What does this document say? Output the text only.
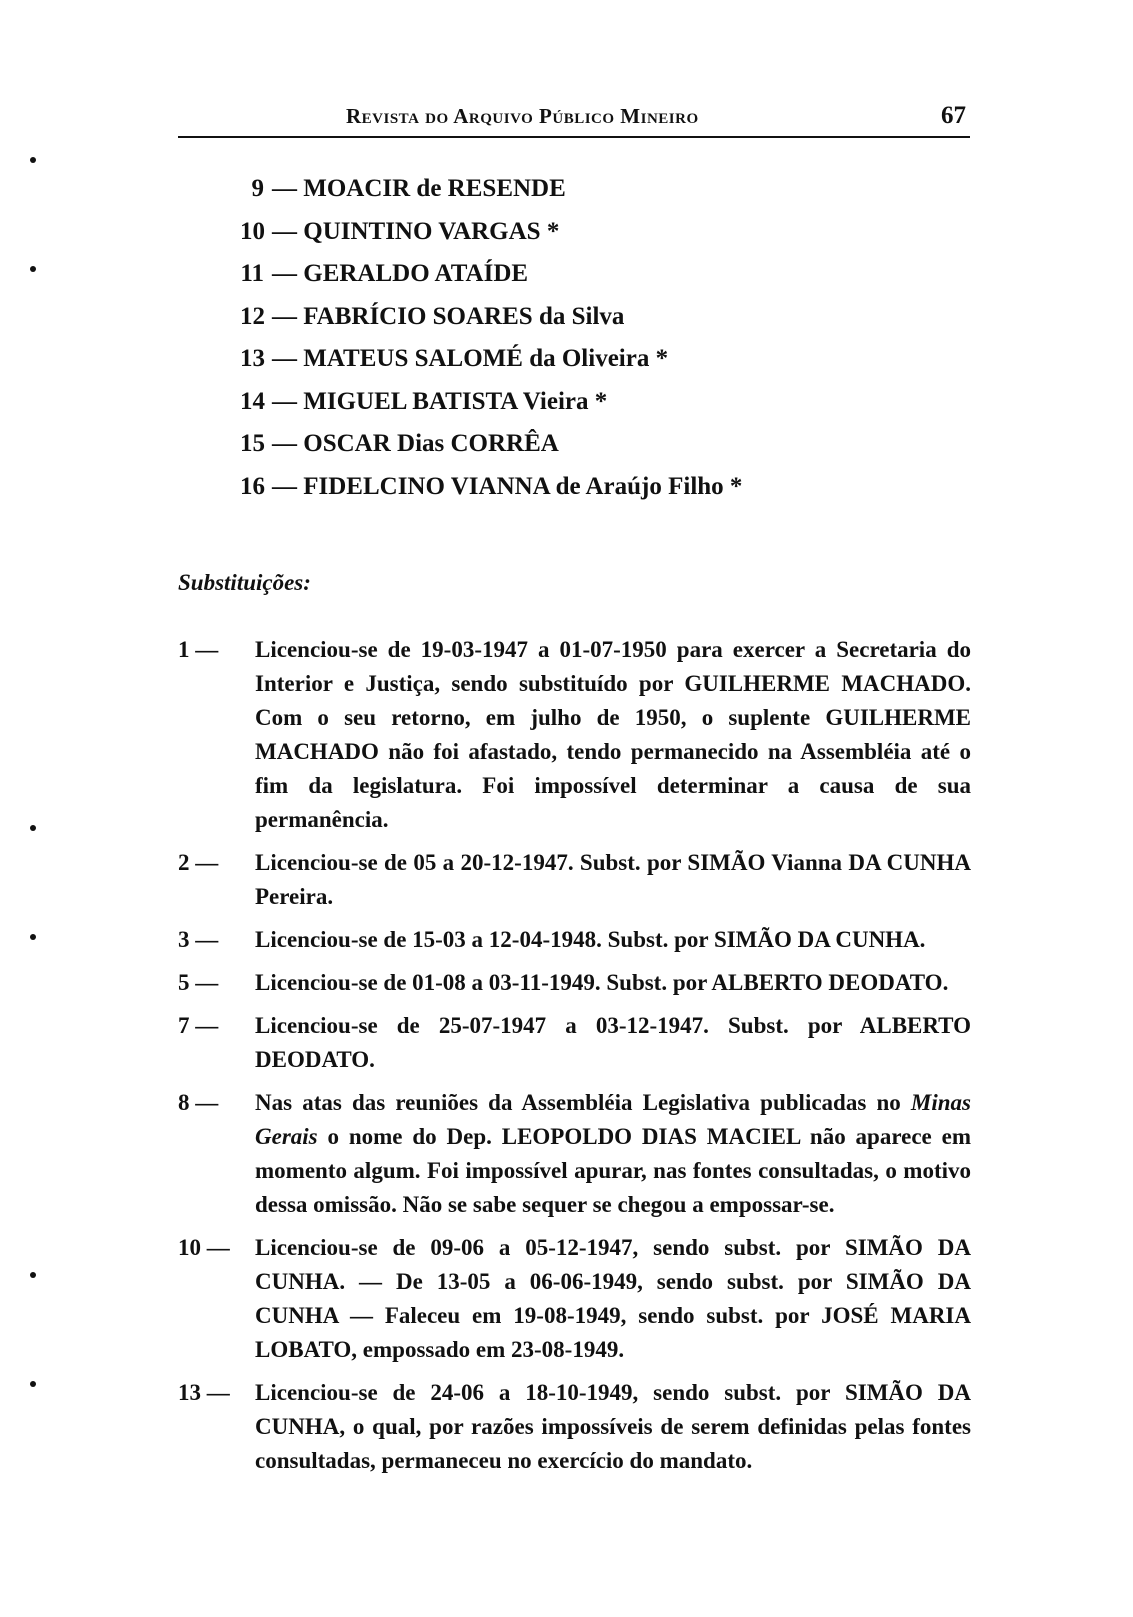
Revista do Arquivo Público Mineiro	67
9 — MOACIR de RESENDE
10 — QUINTINO VARGAS *
11 — GERALDO ATAÍDE
12 — FABRÍCIO SOARES da Silva
13 — MATEUS SALOMÉ da Oliveira *
14 — MIGUEL BATISTA Vieira *
15 — OSCAR Dias CORRÊA
16 — FIDELCINO VIANNA de Araújo Filho *
Substituições:
1 —	Licenciou-se de 19-03-1947 a 01-07-1950 para exercer a Secretaria do Interior e Justiça, sendo substituído por GUILHERME MACHADO. Com o seu retorno, em julho de 1950, o suplente GUILHERME MACHADO não foi afastado, tendo permanecido na Assembléia até o fim da legislatura. Foi impossível determinar a causa de sua permanência.
2 —	Licenciou-se de 05 a 20-12-1947. Subst. por SIMÃO Vianna DA CUNHA Pereira.
3 —	Licenciou-se de 15-03 a 12-04-1948. Subst. por SIMÃO DA CUNHA.
5 —	Licenciou-se de 01-08 a 03-11-1949. Subst. por ALBERTO DEODATO.
7 —	Licenciou-se de 25-07-1947 a 03-12-1947. Subst. por ALBERTO DEODATO.
8 —	Nas atas das reuniões da Assembléia Legislativa publicadas no Minas Gerais o nome do Dep. LEOPOLDO DIAS MACIEL não aparece em momento algum. Foi impossível apurar, nas fontes consultadas, o motivo dessa omissão. Não se sabe sequer se chegou a empossar-se.
10 —	Licenciou-se de 09-06 a 05-12-1947, sendo subst. por SIMÃO DA CUNHA. — De 13-05 a 06-06-1949, sendo subst. por SIMÃO DA CUNHA — Faleceu em 19-08-1949, sendo subst. por JOSÉ MARIA LOBATO, empossado em 23-08-1949.
13 —	Licenciou-se de 24-06 a 18-10-1949, sendo subst. por SIMÃO DA CUNHA, o qual, por razões impossíveis de serem definidas pelas fontes consultadas, permaneceu no exercício do mandato.
